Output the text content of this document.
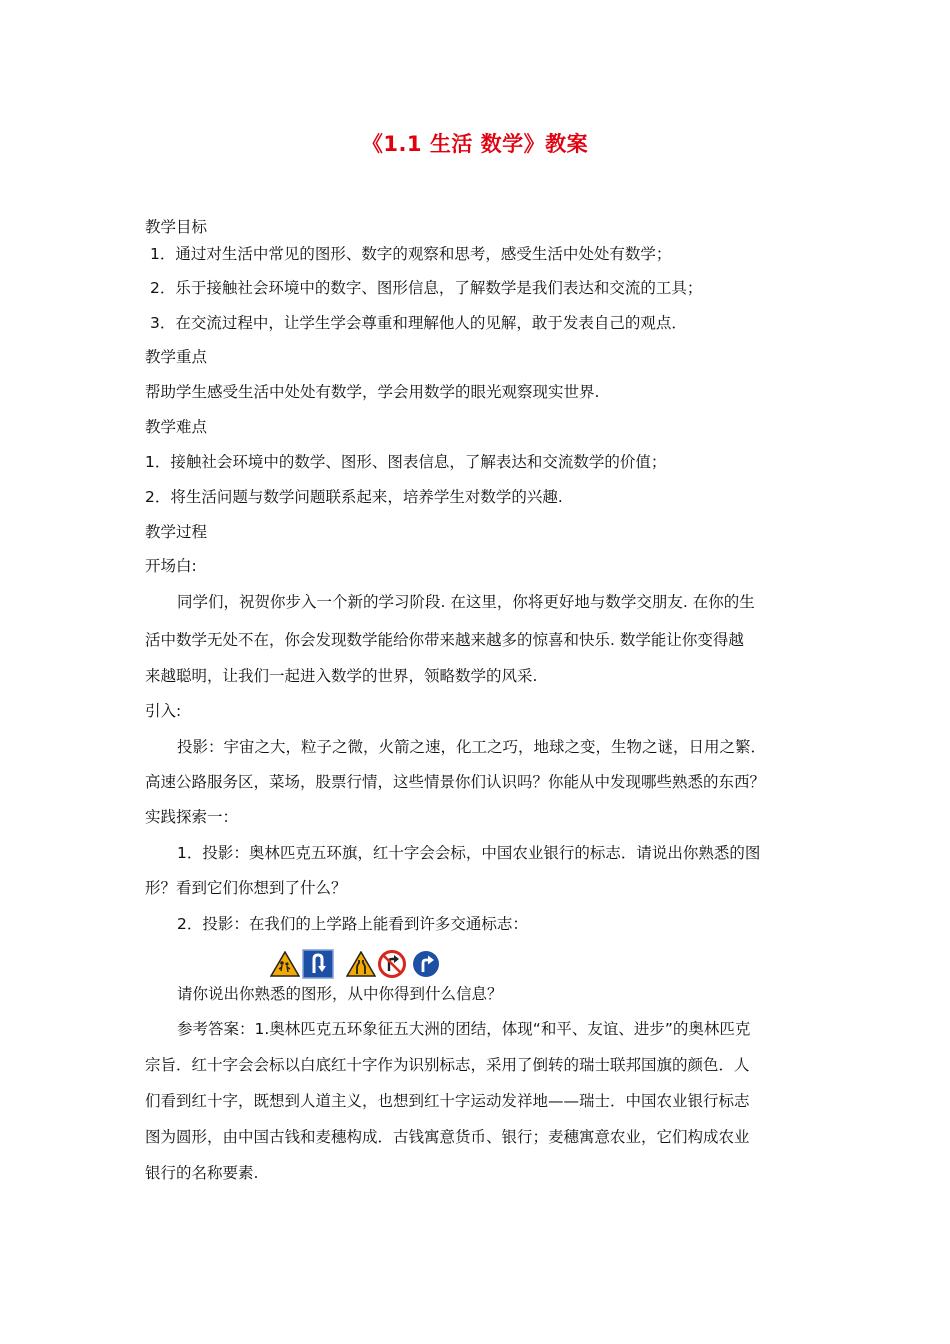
《1.1 生活 数学》教案
教学目标
1．通过对生活中常见的图形、数字的观察和思考，感受生活中处处有数学；
2．乐于接触社会环境中的数字、图形信息，了解数学是我们表达和交流的工具；
3．在交流过程中，让学生学会尊重和理解他人的见解，敢于发表自己的观点．
教学重点
帮助学生感受生活中处处有数学，学会用数学的眼光观察现实世界.
教学难点
1．接触社会环境中的数学、图形、图表信息，了解表达和交流数学的价值；
2．将生活问题与数学问题联系起来，培养学生对数学的兴趣.
教学过程
开场白:
同学们，祝贺你步入一个新的学习阶段. 在这里，你将更好地与数学交朋友. 在你的生
活中数学无处不在，你会发现数学能给你带来越来越多的惊喜和快乐. 数学能让你变得越
来越聪明，让我们一起进入数学的世界，领略数学的风采.
引入:
投影：宇宙之大，粒子之微，火箭之速，化工之巧，地球之变，生物之谜，日用之繁．
高速公路服务区，菜场，股票行情，这些情景你们认识吗？你能从中发现哪些熟悉的东西？
实践探索一：
1．投影：奥林匹克五环旗，红十字会会标，中国农业银行的标志．请说出你熟悉的图
形？看到它们你想到了什么？
2．投影：在我们的上学路上能看到许多交通标志：
请你说出你熟悉的图形，从中你得到什么信息？
参考答案：1.奥林匹克五环象征五大洲的团结，体现“和平、友谊、进步”的奥林匹克
宗旨．红十字会会标以白底红十字作为识别标志，采用了倒转的瑞士联邦国旗的颜色．人
们看到红十字，既想到人道主义，也想到红十字运动发祥地——瑞士．中国农业银行标志
图为圆形，由中国古钱和麦穗构成．古钱寓意货币、银行；麦穗寓意农业，它们构成农业
银行的名称要素.
